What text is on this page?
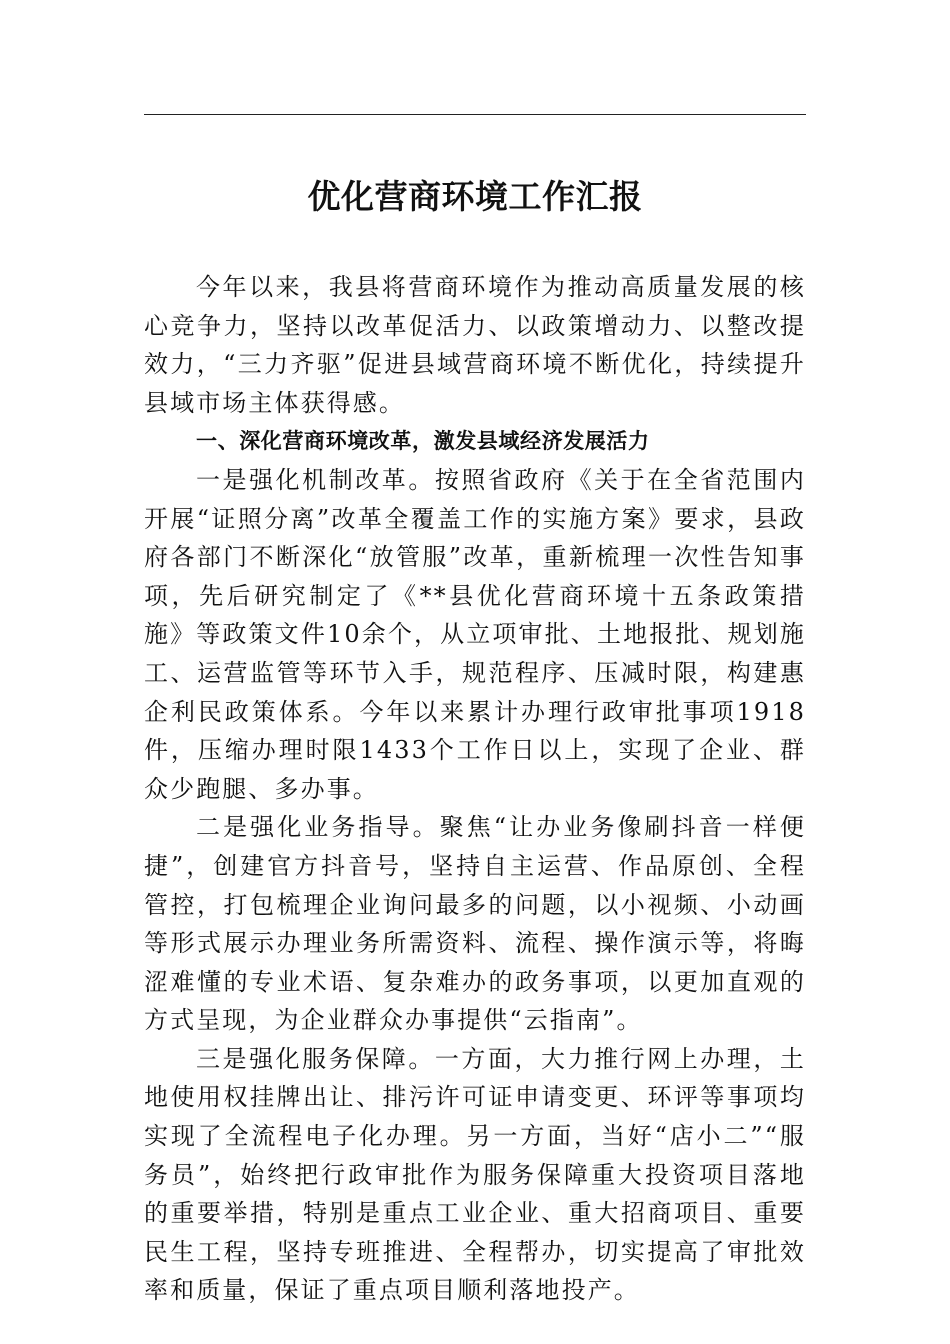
优化营商环境工作汇报

今年以来，我县将营商环境作为推动高质量发展的核心竞争力，坚持以改革促活力、以政策增动力、以整改提效力，“三力齐驱”促进县域营商环境不断优化，持续提升县域市场主体获得感。

一、深化营商环境改革，激发县域经济发展活力

一是强化机制改革。按照省政府《关于在全省范围内开展“证照分离”改革全覆盖工作的实施方案》要求，县政府各部门不断深化“放管服”改革，重新梳理一次性告知事项，先后研究制定了《**县优化营商环境十五条政策措施》等政策文件10余个，从立项审批、土地报批、规划施工、运营监管等环节入手，规范程序、压减时限，构建惠企利民政策体系。今年以来累计办理行政审批事项1918件，压缩办理时限1433个工作日以上，实现了企业、群众少跑腿、多办事。

二是强化业务指导。聚焦“让办业务像刷抖音一样便捷”，创建官方抖音号，坚持自主运营、作品原创、全程管控，打包梳理企业询问最多的问题，以小视频、小动画等形式展示办理业务所需资料、流程、操作演示等，将晦涩难懂的专业术语、复杂难办的政务事项，以更加直观的方式呈现，为企业群众办事提供“云指南”。

三是强化服务保障。一方面，大力推行网上办理，土地使用权挂牌出让、排污许可证申请变更、环评等事项均实现了全流程电子化办理。另一方面，当好“店小二”“服务员”，始终把行政审批作为服务保障重大投资项目落地的重要举措，特别是重点工业企业、重大招商项目、重要民生工程，坚持专班推进、全程帮办，切实提高了审批效率和质量，保证了重点项目顺利落地投产。
